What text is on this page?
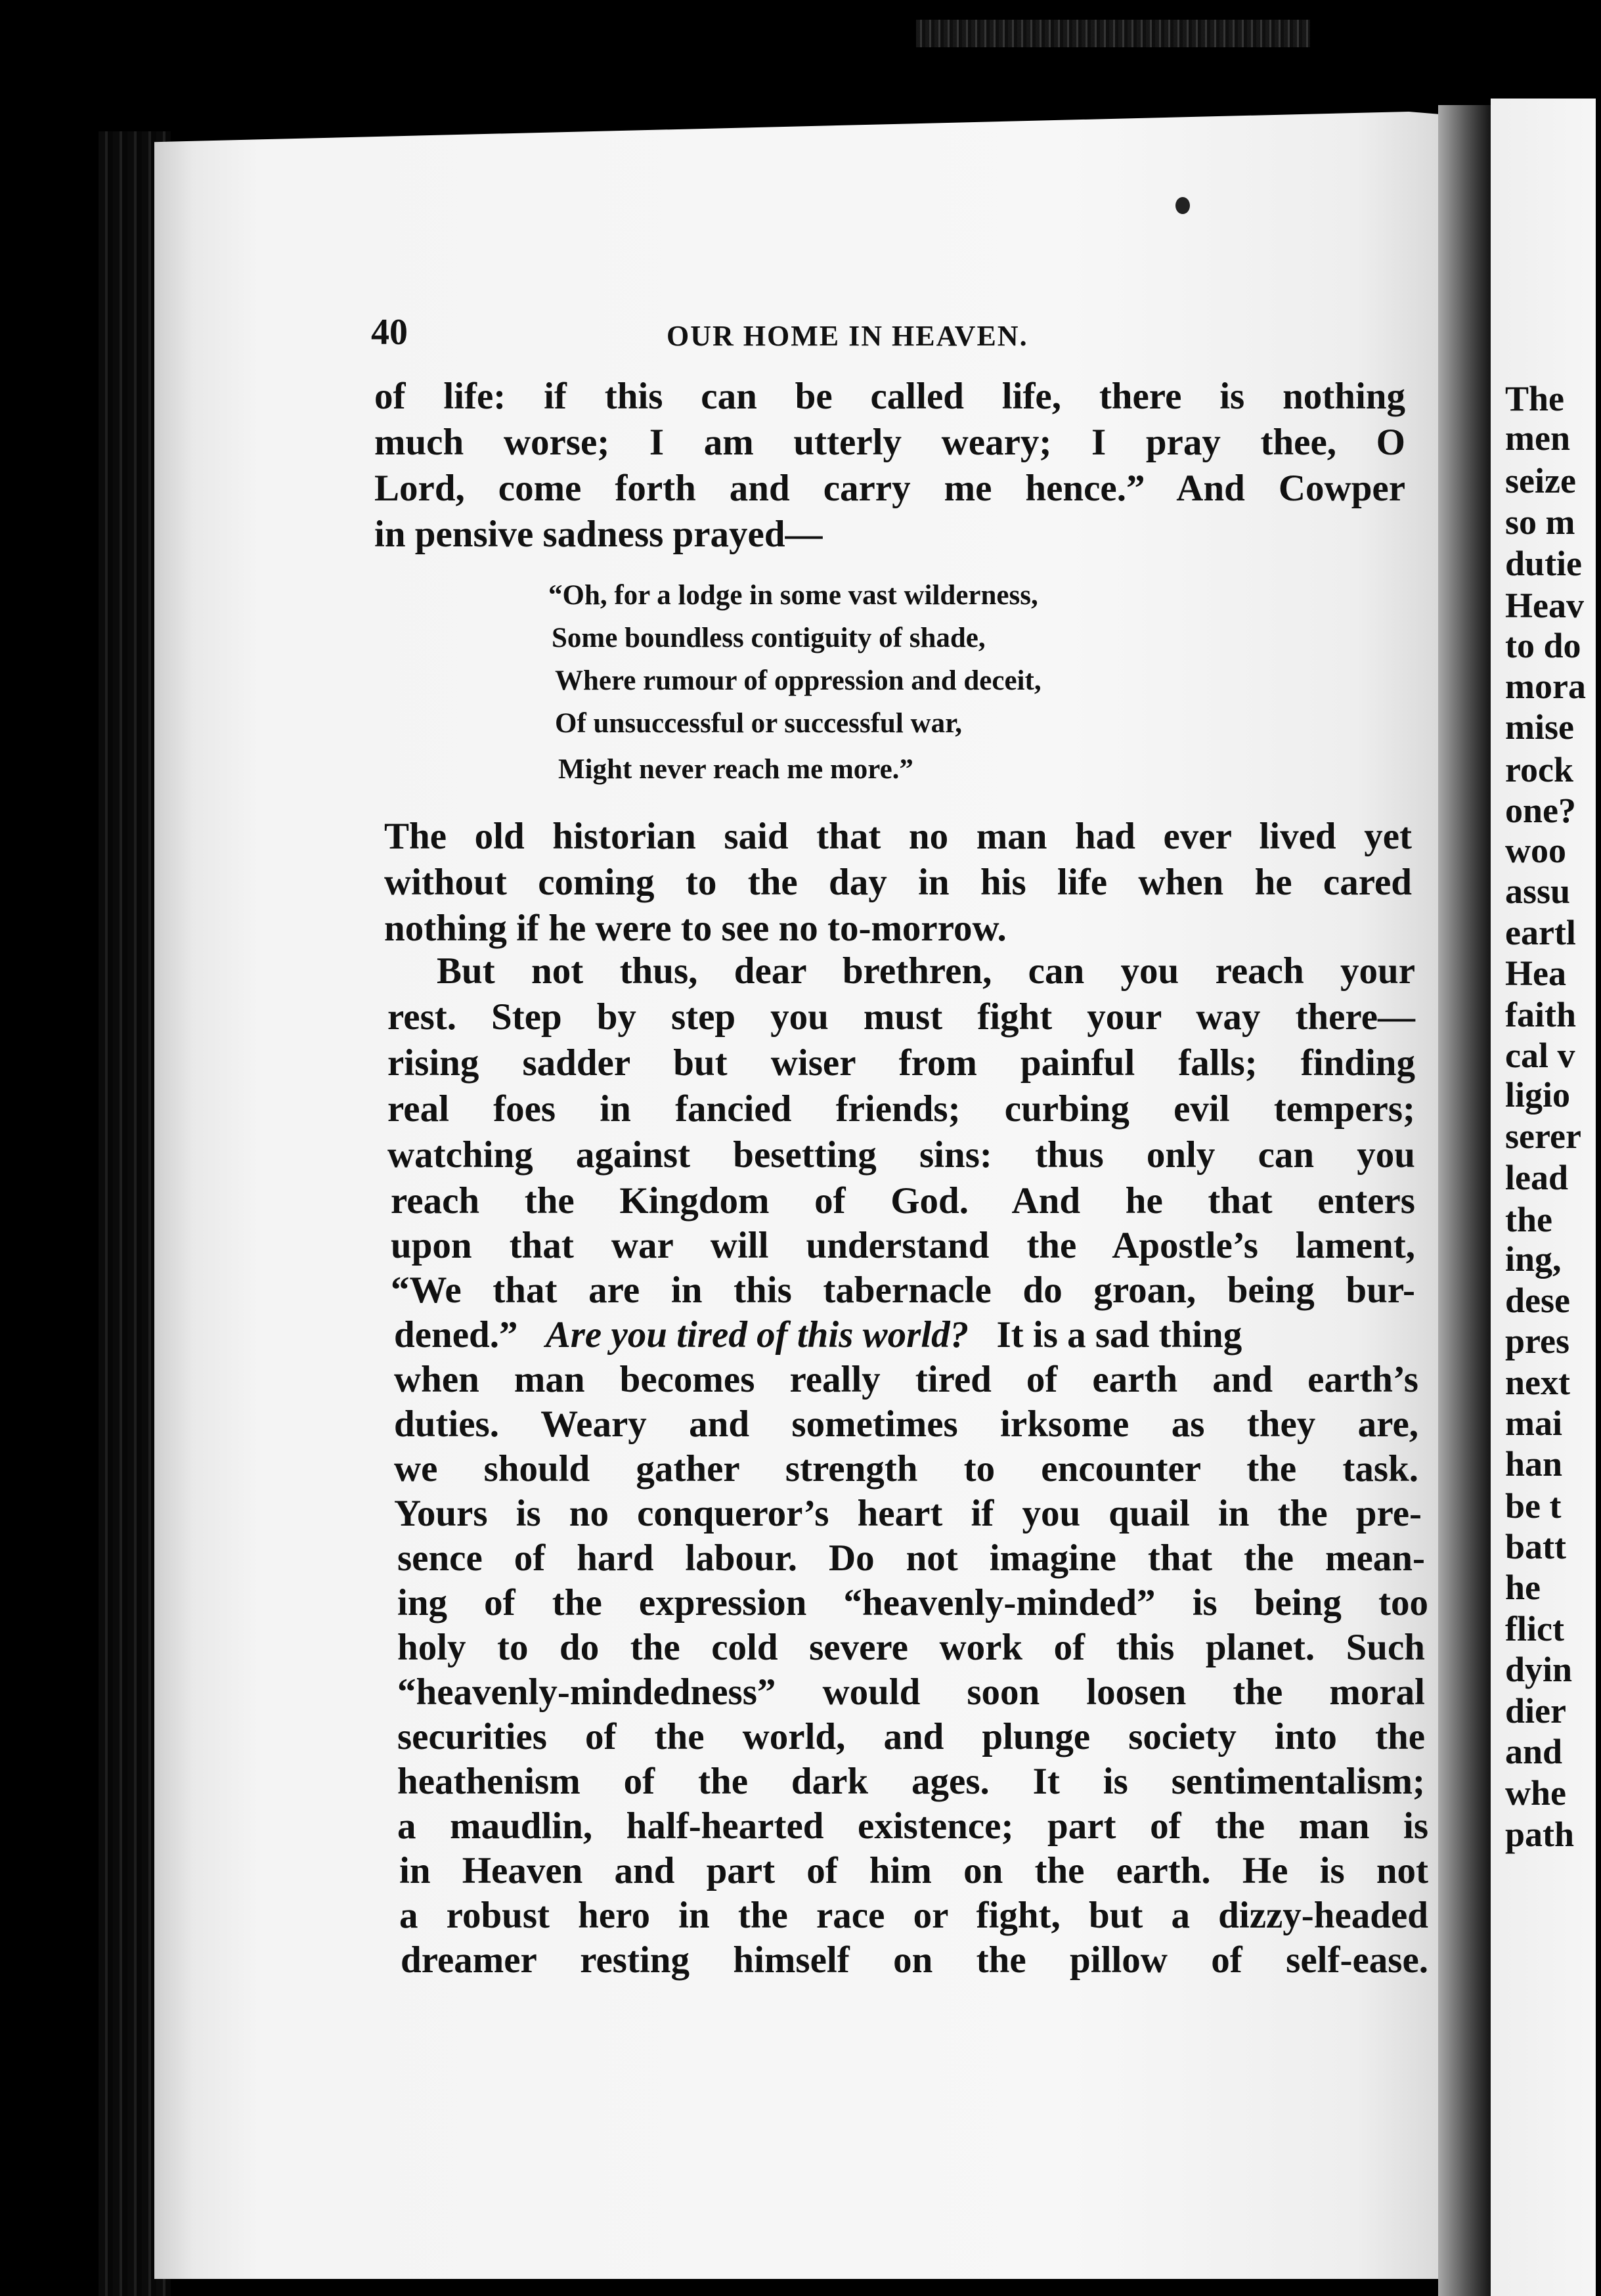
The
men
seize
so m
dutie
Heav
to do
mora
mise
rock
one?
woo
assu
eartl
Hea
faith
cal v
ligio
serer
lead
the
ing,
dese
pres
next
mai
han
be t
batt
he
flict
dyin
dier
and
whe
path
40	OUR HOME IN HEAVEN.
of life: if this can be called life, there is nothing
much worse; I am utterly weary; I pray thee, O
Lord, come forth and carry me hence.” And Cowper
in pensive sadness prayed—
“Oh, for a lodge in some vast wilderness,
Some boundless contiguity of shade,
Where rumour of oppression and deceit,
Of unsuccessful or successful war,
Might never reach me more.”
The old historian said that no man had ever lived yet
without coming to the day in his life when he cared
nothing if he were to see no to-morrow.
But not thus, dear brethren, can you reach your
rest. Step by step you must fight your way there—
rising sadder but wiser from painful falls; finding
real foes in fancied friends; curbing evil tempers;
watching against besetting sins: thus only can you
reach the Kingdom of God. And he that enters
upon that war will understand the Apostle’s lament,
“We that are in this tabernacle do groan, being bur-
dened.” Are you tired of this world? It is a sad thing
when man becomes really tired of earth and earth’s
duties. Weary and sometimes irksome as they are,
we should gather strength to encounter the task.
Yours is no conqueror’s heart if you quail in the pre-
sence of hard labour. Do not imagine that the mean-
ing of the expression “heavenly-minded” is being too
holy to do the cold severe work of this planet. Such
“heavenly-mindedness” would soon loosen the moral
securities of the world, and plunge society into the
heathenism of the dark ages. It is sentimentalism;
a maudlin, half-hearted existence; part of the man is
in Heaven and part of him on the earth. He is not
a robust hero in the race or fight, but a dizzy-headed
dreamer resting himself on the pillow of self-ease.
